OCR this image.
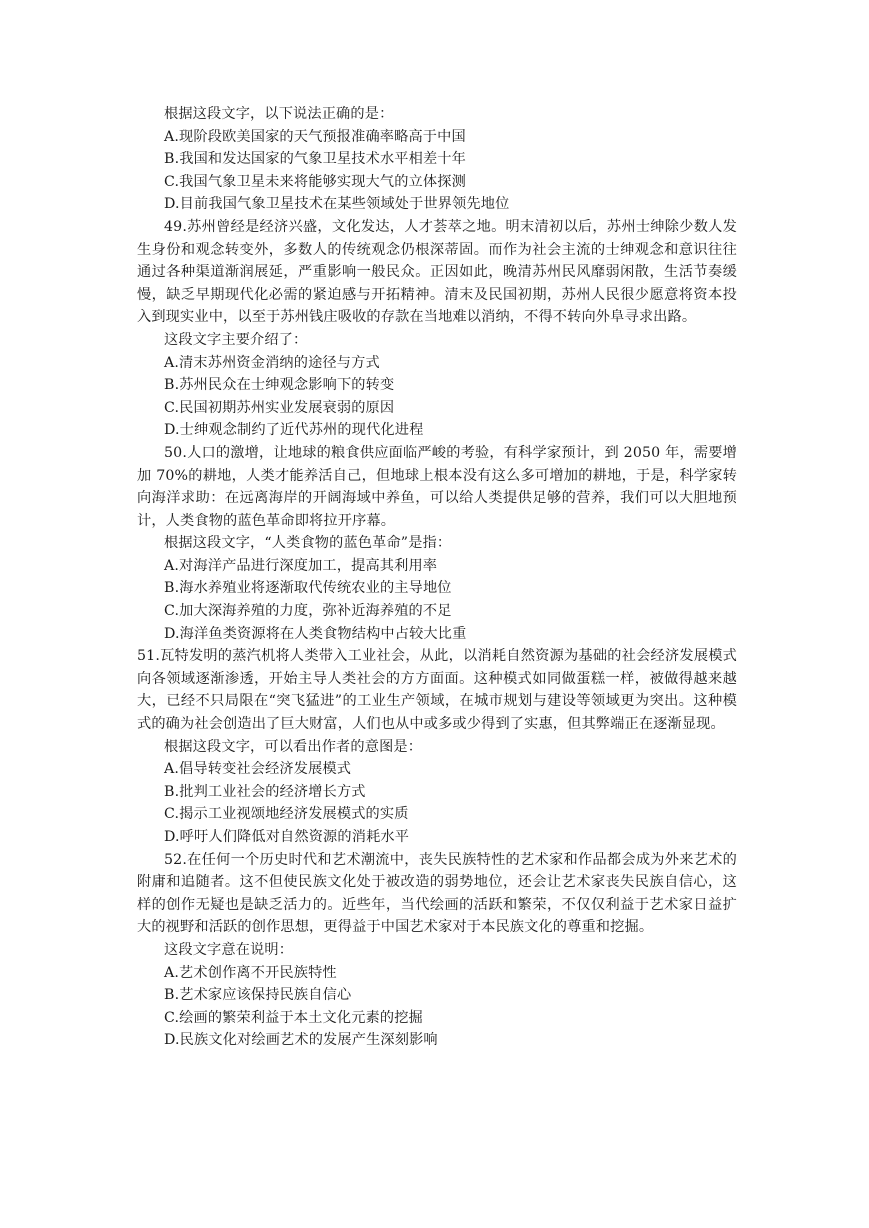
根据这段文字，以下说法正确的是：

A.现阶段欧美国家的天气预报准确率略高于中国

B.我国和发达国家的气象卫星技术水平相差十年

C.我国气象卫星未来将能够实现大气的立体探测

D.目前我国气象卫星技术在某些领域处于世界领先地位

49.苏州曾经是经济兴盛，文化发达，人才荟萃之地。明末清初以后，苏州士绅除少数人发生身份和观念转变外，多数人的传统观念仍根深蒂固。而作为社会主流的士绅观念和意识往往通过各种渠道渐润展延，严重影响一般民众。正因如此，晚清苏州民风靡弱闲散，生活节奏缓慢，缺乏早期现代化必需的紧迫感与开拓精神。清末及民国初期，苏州人民很少愿意将资本投入到现实业中，以至于苏州钱庄吸收的存款在当地难以消纳，不得不转向外阜寻求出路。

这段文字主要介绍了：

A.清末苏州资金消纳的途径与方式

B.苏州民众在士绅观念影响下的转变

C.民国初期苏州实业发展衰弱的原因

D.士绅观念制约了近代苏州的现代化进程

50.人口的激增，让地球的粮食供应面临严峻的考验，有科学家预计，到 2050 年，需要增加 70%的耕地，人类才能养活自己，但地球上根本没有这么多可增加的耕地，于是，科学家转向海洋求助：在远离海岸的开阔海域中养鱼，可以给人类提供足够的营养，我们可以大胆地预计，人类食物的蓝色革命即将拉开序幕。

根据这段文字，“人类食物的蓝色革命”是指：

A.对海洋产品进行深度加工，提高其利用率

B.海水养殖业将逐渐取代传统农业的主导地位

C.加大深海养殖的力度，弥补近海养殖的不足

D.海洋鱼类资源将在人类食物结构中占较大比重

51.瓦特发明的蒸汽机将人类带入工业社会，从此，以消耗自然资源为基础的社会经济发展模式向各领域逐渐渗透，开始主导人类社会的方方面面。这种模式如同做蛋糕一样，被做得越来越大，已经不只局限在“突飞猛进”的工业生产领域，在城市规划与建设等领域更为突出。这种模式的确为社会创造出了巨大财富，人们也从中或多或少得到了实惠，但其弊端正在逐渐显现。

根据这段文字，可以看出作者的意图是：

A.倡导转变社会经济发展模式

B.批判工业社会的经济增长方式

C.揭示工业视颂地经济发展模式的实质

D.呼吁人们降低对自然资源的消耗水平

52.在任何一个历史时代和艺术潮流中，丧失民族特性的艺术家和作品都会成为外来艺术的附庸和追随者。这不但使民族文化处于被改造的弱势地位，还会让艺术家丧失民族自信心，这样的创作无疑也是缺乏活力的。近些年，当代绘画的活跃和繁荣，不仅仅利益于艺术家日益扩大的视野和活跃的创作思想，更得益于中国艺术家对于本民族文化的尊重和挖掘。

这段文字意在说明：

A.艺术创作离不开民族特性

B.艺术家应该保持民族自信心

C.绘画的繁荣利益于本土文化元素的挖掘

D.民族文化对绘画艺术的发展产生深刻影响
